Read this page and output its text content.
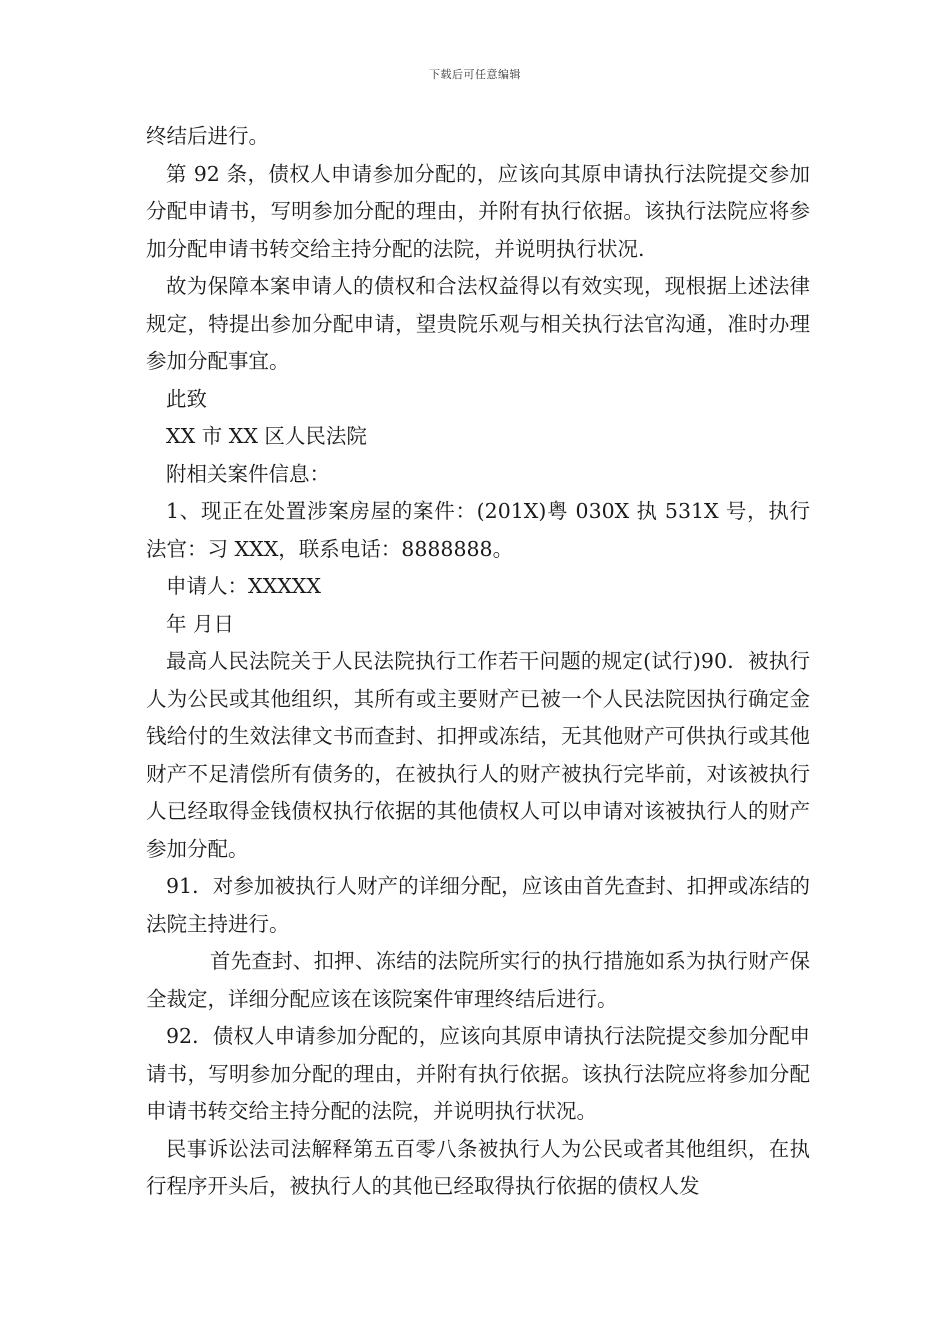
下载后可任意编辑

终结后进行。

第 92 条，债权人申请参加分配的，应该向其原申请执行法院提交参加分配申请书，写明参加分配的理由，并附有执行依据。该执行法院应将参加分配申请书转交给主持分配的法院，并说明执行状况.

故为保障本案申请人的债权和合法权益得以有效实现，现根据上述法律规定，特提出参加分配申请，望贵院乐观与相关执行法官沟通，准时办理参加分配事宜。

此致

XX 市 XX 区人民法院

附相关案件信息：

1、现正在处置涉案房屋的案件：(201X)粤 030X 执 531X 号，执行法官：习 XXX，联系电话：8888888。

申请人：XXXXX

年 月日

最高人民法院关于人民法院执行工作若干问题的规定(试行)90．被执行人为公民或其他组织，其所有或主要财产已被一个人民法院因执行确定金钱给付的生效法律文书而查封、扣押或冻结，无其他财产可供执行或其他财产不足清偿所有债务的，在被执行人的财产被执行完毕前，对该被执行人已经取得金钱债权执行依据的其他债权人可以申请对该被执行人的财产参加分配。

91．对参加被执行人财产的详细分配，应该由首先查封、扣押或冻结的法院主持进行。

首先查封、扣押、冻结的法院所实行的执行措施如系为执行财产保全裁定，详细分配应该在该院案件审理终结后进行。

92．债权人申请参加分配的，应该向其原申请执行法院提交参加分配申请书，写明参加分配的理由，并附有执行依据。该执行法院应将参加分配申请书转交给主持分配的法院，并说明执行状况。

民事诉讼法司法解释第五百零八条被执行人为公民或者其他组织，在执行程序开头后，被执行人的其他已经取得执行依据的债权人发
